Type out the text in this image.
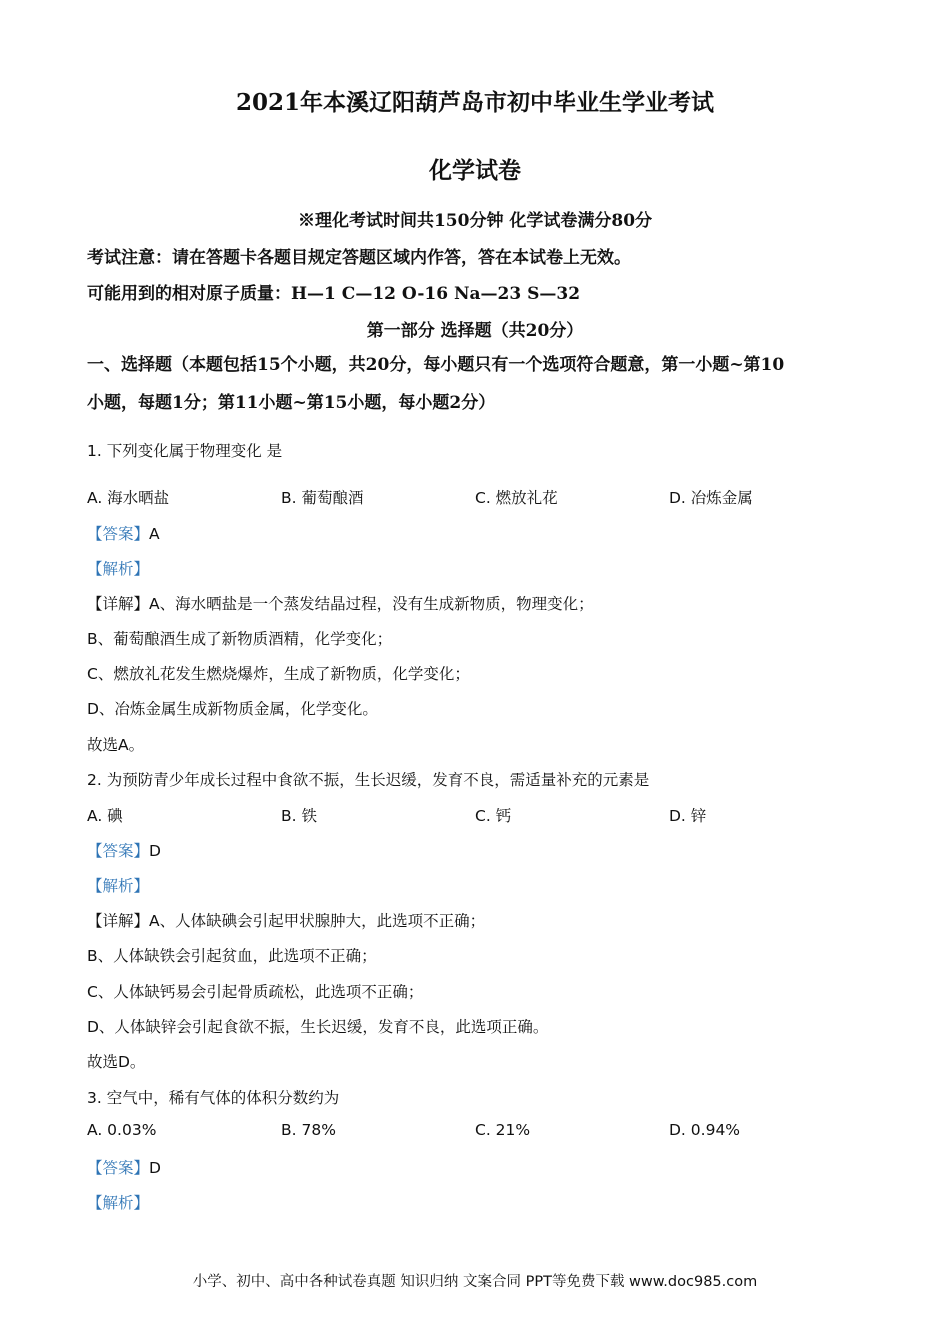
2021年本溪辽阳葫芦岛市初中毕业生学业考试
化学试卷
※理化考试时间共150分钟 化学试卷满分80分
考试注意：请在答题卡各题目规定答题区域内作答，答在本试卷上无效。
可能用到的相对原子质量：H—1 C—12 O-16 Na—23 S—32
第一部分 选择题（共20分）
一、选择题（本题包括15个小题，共20分，每小题只有一个选项符合题意，第一小题~第10
小题，每题1分；第11小题~第15小题，每小题2分）
1. 下列变化属于物理变化 是
A. 海水晒盐	B. 葡萄酿酒	C. 燃放礼花	D. 冶炼金属
【答案】A
【解析】
【详解】A、海水晒盐是一个蒸发结晶过程，没有生成新物质，物理变化；
B、葡萄酿酒生成了新物质酒精，化学变化；
C、燃放礼花发生燃烧爆炸，生成了新物质，化学变化；
D、冶炼金属生成新物质金属，化学变化。
故选A。
2. 为预防青少年成长过程中食欲不振，生长迟缓，发育不良，需适量补充的元素是
A. 碘	B. 铁	C. 钙	D. 锌
【答案】D
【解析】
【详解】A、人体缺碘会引起甲状腺肿大，此选项不正确；
B、人体缺铁会引起贫血，此选项不正确；
C、人体缺钙易会引起骨质疏松，此选项不正确；
D、人体缺锌会引起食欲不振，生长迟缓，发育不良，此选项正确。
故选D。
3. 空气中，稀有气体的体积分数约为
A. 0.03%	B. 78%	C. 21%	D. 0.94%
【答案】D
【解析】
小学、初中、高中各种试卷真题 知识归纳 文案合同 PPT等免费下载 www.doc985.com
